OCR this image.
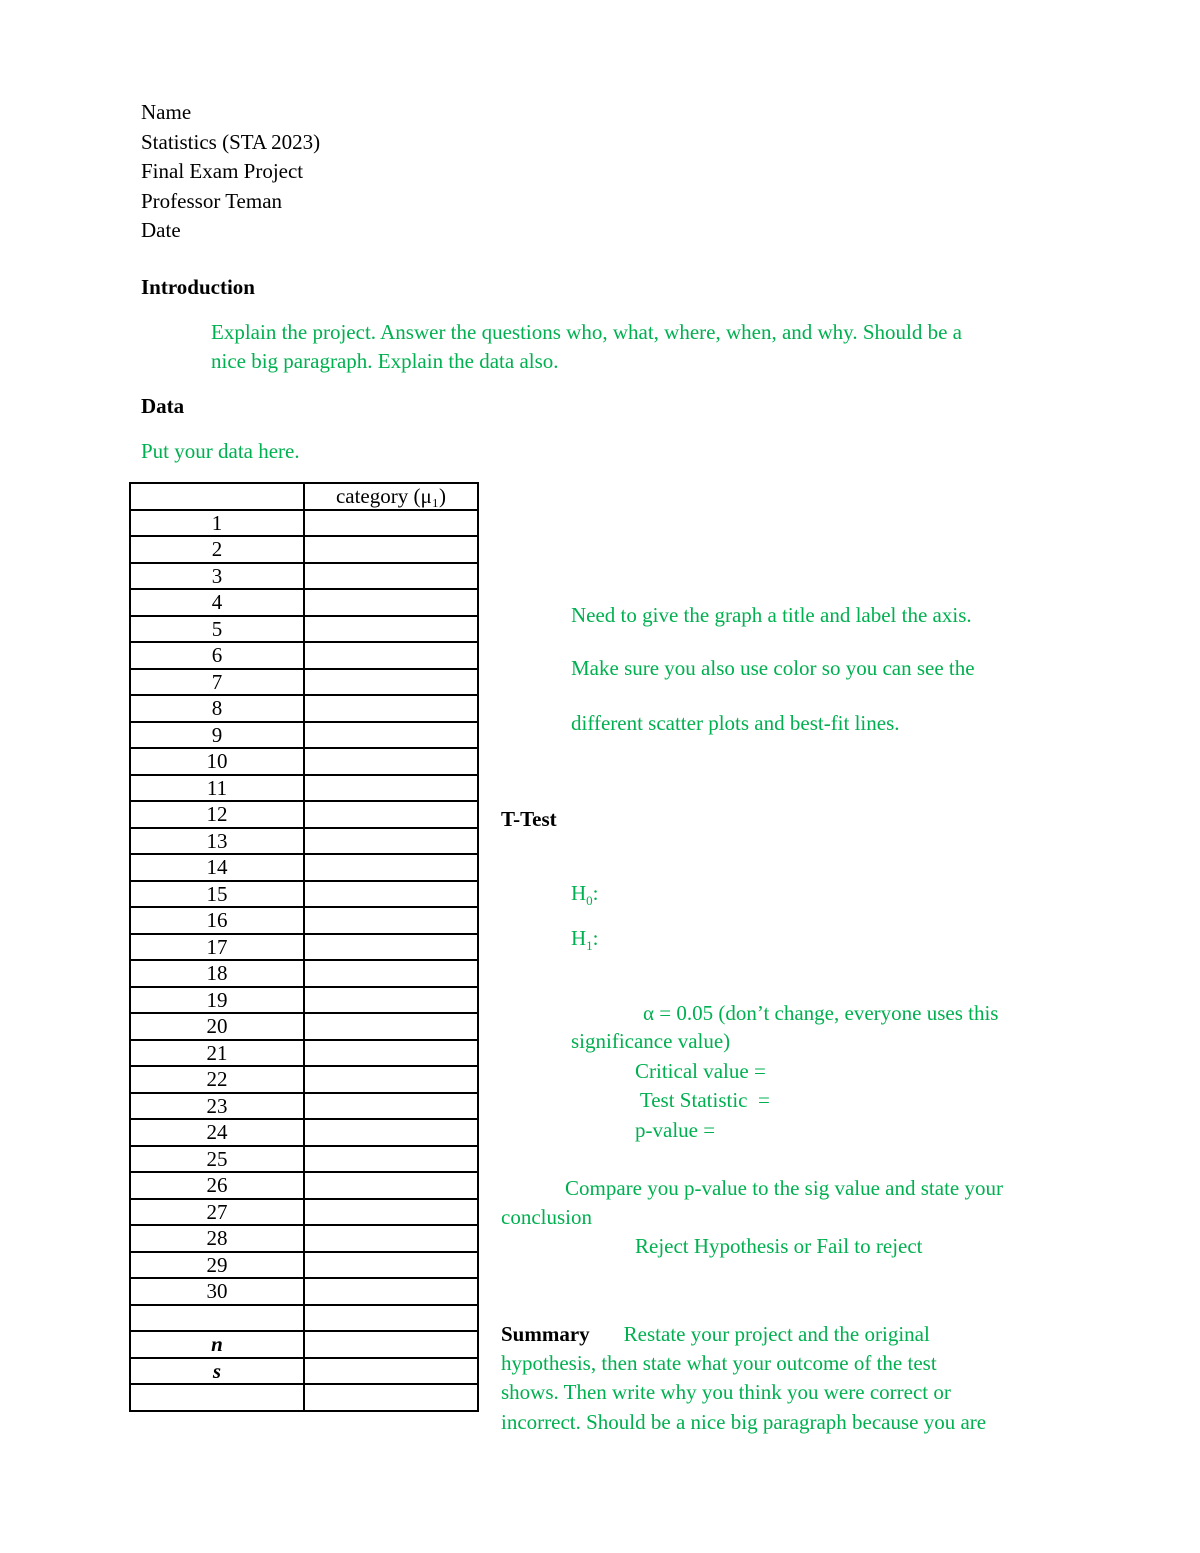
Name
Statistics (STA 2023)
Final Exam Project
Professor Teman
Date
Introduction
Explain the project. Answer the questions who, what, where, when, and why. Should be a
nice big paragraph. Explain the data also.
Data
Put your data here.
	category (μ₁)
1	
2	
3	
4	
5	
6	
7	
8	
9	
10	
11	
12	
13	
14	
15	
16	
17	
18	
19	
20	
21	
22	
23	
24	
25	
26	
27	
28	
29	
30	

n	
s	

Need to give the graph a title and label the axis.
Make sure you also use color so you can see the
different scatter plots and best-fit lines.
T-Test
$H_0$:
$H_1$:
α = 0.05 (don’t change, everyone uses this
significance value)
Critical value =
Test Statistic  =
p-value =
Compare you p-value to the sig value and state your
conclusion
Reject Hypothesis or Fail to reject
Summary Restate your project and the original
hypothesis, then state what your outcome of the test
shows. Then write why you think you were correct or
incorrect. Should be a nice big paragraph because you are
